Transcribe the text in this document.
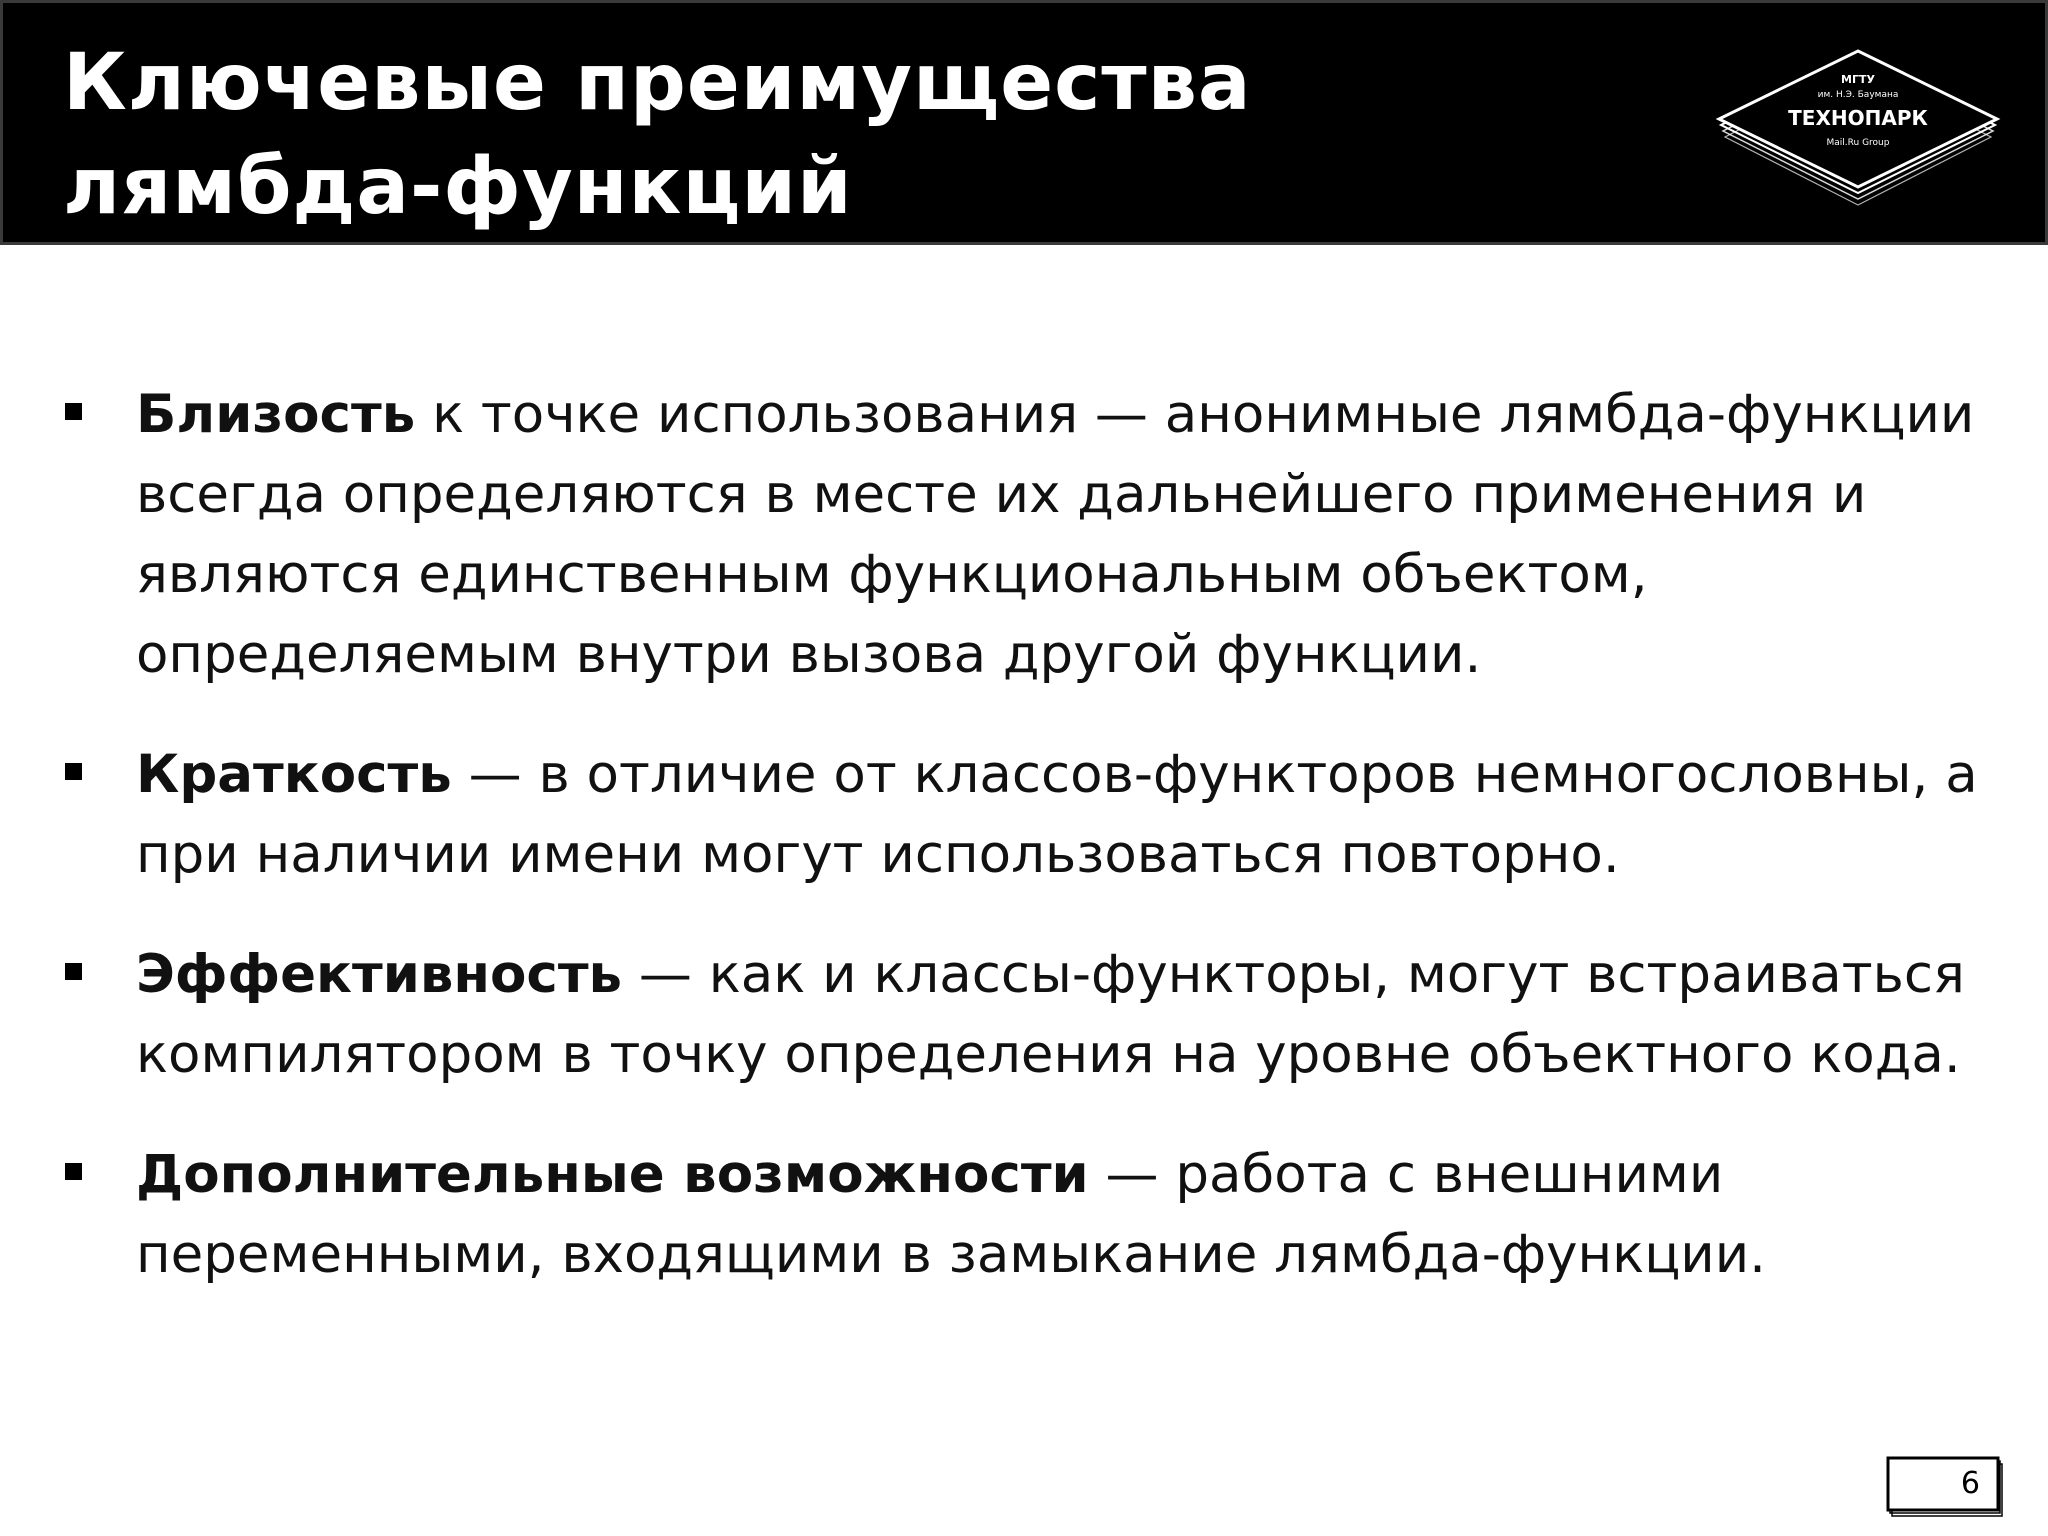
Ключевые преимущества
лямбда-функций
МГТУ
им. Н.Э. Баумана
ТЕХНОПАРК
Mail.Ru Group
Близость к точке использования — анонимные лямбда-функции всегда определяются в месте их дальнейшего применения и являются единственным функциональным объектом, определяемым внутри вызова другой функции.
Краткость — в отличие от классов-функторов немногословны, а при наличии имени могут использоваться повторно.
Эффективность — как и классы-функторы, могут встраиваться компилятором в точку определения на уровне объектного кода.
Дополнительные возможности — работа с внешними переменными, входящими в замыкание лямбда-функции.
6
